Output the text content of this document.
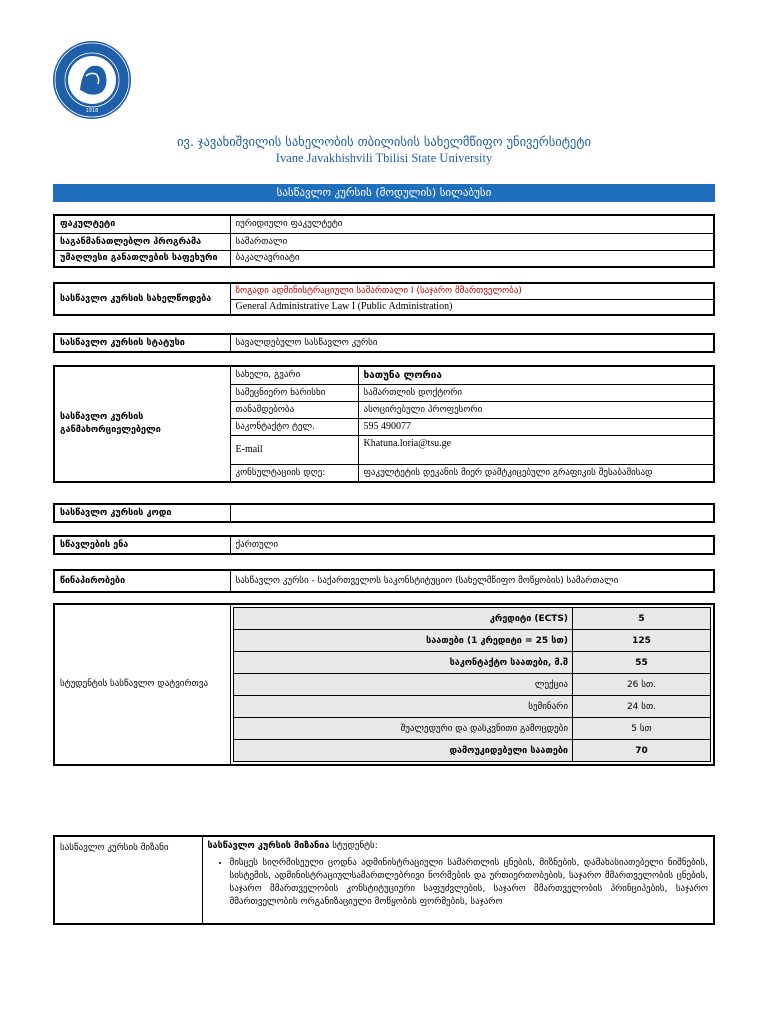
1918
ივ. ჯავახიშვილის სახელობის თბილისის სახელმწიფო უნივერსიტეტი
Ivane Javakhishvili Tbilisi State University
სასწავლო კურსის (მოდულის) სილაბუსი
ფაკულტეტი	იურიდიული ფაკულტეტი
საგანმანათლებლო პროგრამა	სამართალი
უმაღლესი განათლების საფეხური	ბაკალავრიატი
სასწავლო კურსის სახელწოდება	ზოგადი ადმინისტრაციული სამართალი I (საჯარო მმართველობა)
General Administrative Law I (Public Administration)
სასწავლო კურსის სტატუსი	სავალდებულო სასწავლო კურსი
სასწავლო კურსის განმახორციელებელი	სახელი, გვარი	ხათუნა ლორია
	სამეცნიერო ხარისხი	სამართლის დოქტორი
	თანამდებობა	ასოცირებული პროფესორი
	საკონტაქტო ტელ.	595 490077
	E-mail	Khatuna.loria@tsu.ge
	კონსულტაციის დღე:	ფაკულტეტის დეკანის მიერ დამტკიცებული გრაფიკის შესაბამისად
სასწავლო კურსის კოდი	
სწავლების ენა	ქართული
წინაპირობები	სასწავლო კურსი - საქართველოს საკონსტიტუციო (სახელმწიფო მოწყობის) სამართალი
სტუდენტის სასწავლო დატვირთვა	
კრედიტი (ECTS)	5
საათები (1 კრედიტი = 25 სთ)	125
საკონტაქტო საათები, მ.შ	55
ლექცია	26 სთ.
სემინარი	24 სთ.
შუალედური და დასკვნითი გამოცდები	5 სთ
დამოუკიდებელი საათები	70
სასწავლო კურსის მიზანი	სასწავლო კურსის მიზანია სტუდენტს:
• მისცეს სიღრმისეული ცოდნა ადმინისტრაციული სამართლის ცნების, მიზნების, დამახასიათებელი ნიშნების, სისტემის, ადმინისტრაციულსამართლებრივი ნორმების და ურთიერთობების, საჯარო მმართველობის ცნების, საჯარო მმართველობის კონსტიტუციური საფუძვლების, საჯარო მმართველობის პრინციპების, საჯარო მმართველობის ორგანიზაციული მოწყობის ფორმების, საჯარო
